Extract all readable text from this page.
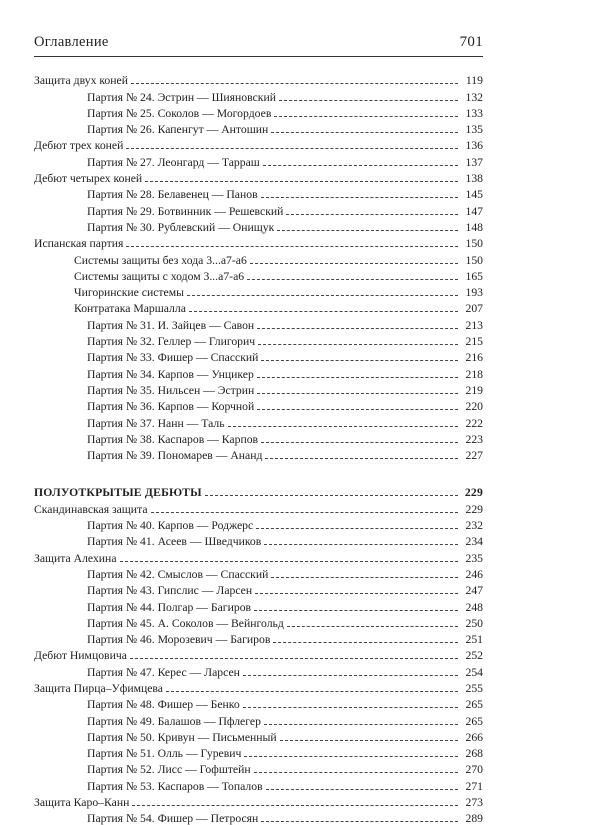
Оглавление	701
Защита двух коней	119
Партия № 24. Эстрин — Шияновский	132
Партия № 25. Соколов — Могордоев	133
Партия № 26. Капенгут — Антошин	135
Дебют трех коней	136
Партия № 27. Леонгард — Тарраш	137
Дебют четырех коней	138
Партия № 28. Белавенец — Панов	145
Партия № 29. Ботвинник — Решевский	147
Партия № 30. Рублевский — Онищук	148
Испанская партия	150
Системы защиты без хода 3...а7-а6	150
Системы защиты с ходом 3...а7-а6	165
Чигоринские системы	193
Контратака Маршалла	207
Партия № 31. И. Зайцев — Савон	213
Партия № 32. Геллер — Глигорич	215
Партия № 33. Фишер — Спасский	216
Партия № 34. Карпов — Унцикер	218
Партия № 35. Нильсен — Эстрин	219
Партия № 36. Карпов — Корчной	220
Партия № 37. Нанн — Таль	222
Партия № 38. Каспаров — Карпов	223
Партия № 39. Пономарев — Ананд	227
ПОЛУОТКРЫТЫЕ ДЕБЮТЫ	229
Скандинавская защита	229
Партия № 40. Карпов — Роджерс	232
Партия № 41. Асеев — Шведчиков	234
Защита Алехина	235
Партия № 42. Смыслов — Спасский	246
Партия № 43. Гипслис — Ларсен	247
Партия № 44. Полгар — Багиров	248
Партия № 45. А. Соколов — Вейнгольд	250
Партия № 46. Морозевич — Багиров	251
Дебют Нимцовича	252
Партия № 47. Керес — Ларсен	254
Защита Пирца–Уфимцева	255
Партия № 48. Фишер — Бенко	265
Партия № 49. Балашов — Пфлегер	265
Партия № 50. Кривун — Письменный	266
Партия № 51. Олль — Гуревич	268
Партия № 52. Лисс — Гофштейн	270
Партия № 53. Каспаров — Топалов	271
Защита Каро–Канн	273
Партия № 54. Фишер — Петросян	289
